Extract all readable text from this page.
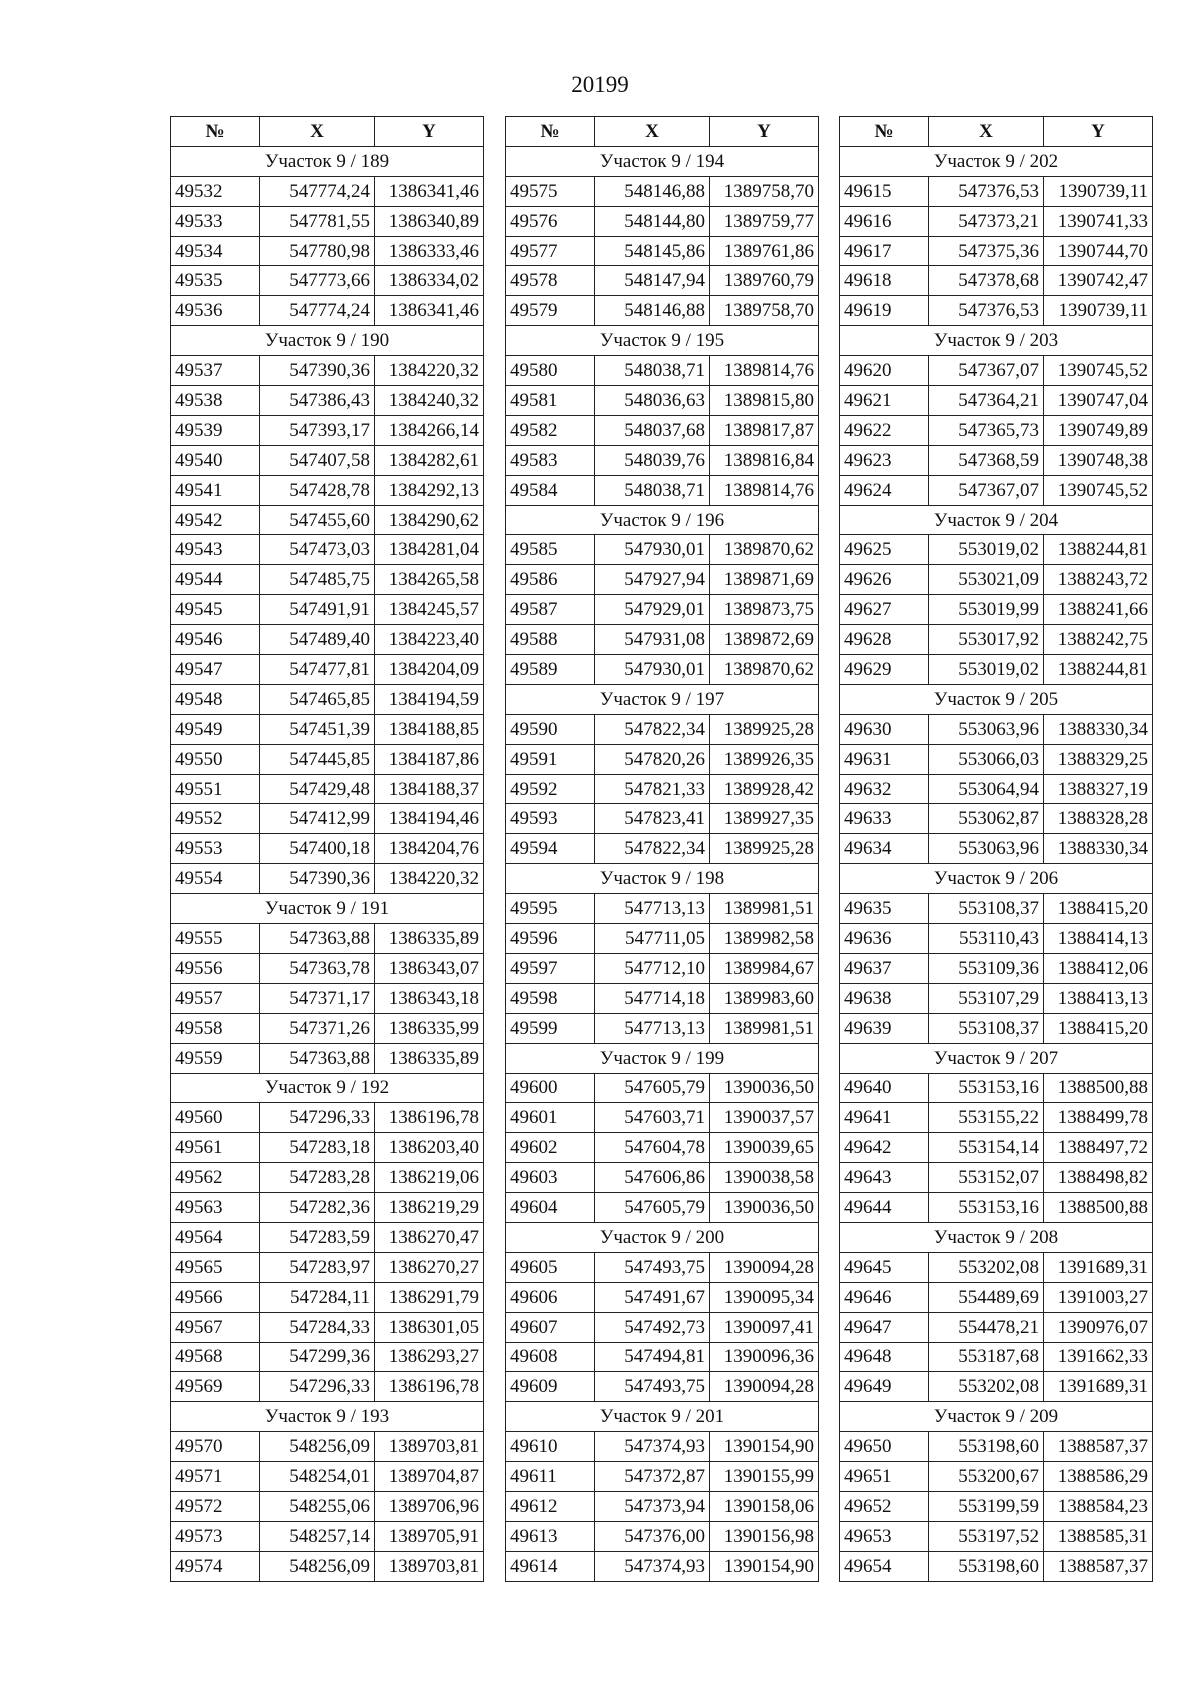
20199
№	X	Y
Участок 9 / 189		
49532	547774,24	1386341,46
49533	547781,55	1386340,89
49534	547780,98	1386333,46
49535	547773,66	1386334,02
49536	547774,24	1386341,46
Участок 9 / 190		
49537	547390,36	1384220,32
49538	547386,43	1384240,32
49539	547393,17	1384266,14
49540	547407,58	1384282,61
49541	547428,78	1384292,13
49542	547455,60	1384290,62
49543	547473,03	1384281,04
49544	547485,75	1384265,58
49545	547491,91	1384245,57
49546	547489,40	1384223,40
49547	547477,81	1384204,09
49548	547465,85	1384194,59
49549	547451,39	1384188,85
49550	547445,85	1384187,86
49551	547429,48	1384188,37
49552	547412,99	1384194,46
49553	547400,18	1384204,76
49554	547390,36	1384220,32
Участок 9 / 191		
49555	547363,88	1386335,89
49556	547363,78	1386343,07
49557	547371,17	1386343,18
49558	547371,26	1386335,99
49559	547363,88	1386335,89
Участок 9 / 192		
49560	547296,33	1386196,78
49561	547283,18	1386203,40
49562	547283,28	1386219,06
49563	547282,36	1386219,29
49564	547283,59	1386270,47
49565	547283,97	1386270,27
49566	547284,11	1386291,79
49567	547284,33	1386301,05
49568	547299,36	1386293,27
49569	547296,33	1386196,78
Участок 9 / 193		
49570	548256,09	1389703,81
49571	548254,01	1389704,87
49572	548255,06	1389706,96
49573	548257,14	1389705,91
49574	548256,09	1389703,81
№	X	Y
Участок 9 / 194		
49575	548146,88	1389758,70
49576	548144,80	1389759,77
49577	548145,86	1389761,86
49578	548147,94	1389760,79
49579	548146,88	1389758,70
Участок 9 / 195		
49580	548038,71	1389814,76
49581	548036,63	1389815,80
49582	548037,68	1389817,87
49583	548039,76	1389816,84
49584	548038,71	1389814,76
Участок 9 / 196		
49585	547930,01	1389870,62
49586	547927,94	1389871,69
49587	547929,01	1389873,75
49588	547931,08	1389872,69
49589	547930,01	1389870,62
Участок 9 / 197		
49590	547822,34	1389925,28
49591	547820,26	1389926,35
49592	547821,33	1389928,42
49593	547823,41	1389927,35
49594	547822,34	1389925,28
Участок 9 / 198		
49595	547713,13	1389981,51
49596	547711,05	1389982,58
49597	547712,10	1389984,67
49598	547714,18	1389983,60
49599	547713,13	1389981,51
Участок 9 / 199		
49600	547605,79	1390036,50
49601	547603,71	1390037,57
49602	547604,78	1390039,65
49603	547606,86	1390038,58
49604	547605,79	1390036,50
Участок 9 / 200		
49605	547493,75	1390094,28
49606	547491,67	1390095,34
49607	547492,73	1390097,41
49608	547494,81	1390096,36
49609	547493,75	1390094,28
Участок 9 / 201		
49610	547374,93	1390154,90
49611	547372,87	1390155,99
49612	547373,94	1390158,06
49613	547376,00	1390156,98
49614	547374,93	1390154,90
№	X	Y
Участок 9 / 202		
49615	547376,53	1390739,11
49616	547373,21	1390741,33
49617	547375,36	1390744,70
49618	547378,68	1390742,47
49619	547376,53	1390739,11
Участок 9 / 203		
49620	547367,07	1390745,52
49621	547364,21	1390747,04
49622	547365,73	1390749,89
49623	547368,59	1390748,38
49624	547367,07	1390745,52
Участок 9 / 204		
49625	553019,02	1388244,81
49626	553021,09	1388243,72
49627	553019,99	1388241,66
49628	553017,92	1388242,75
49629	553019,02	1388244,81
Участок 9 / 205		
49630	553063,96	1388330,34
49631	553066,03	1388329,25
49632	553064,94	1388327,19
49633	553062,87	1388328,28
49634	553063,96	1388330,34
Участок 9 / 206		
49635	553108,37	1388415,20
49636	553110,43	1388414,13
49637	553109,36	1388412,06
49638	553107,29	1388413,13
49639	553108,37	1388415,20
Участок 9 / 207		
49640	553153,16	1388500,88
49641	553155,22	1388499,78
49642	553154,14	1388497,72
49643	553152,07	1388498,82
49644	553153,16	1388500,88
Участок 9 / 208		
49645	553202,08	1391689,31
49646	554489,69	1391003,27
49647	554478,21	1390976,07
49648	553187,68	1391662,33
49649	553202,08	1391689,31
Участок 9 / 209		
49650	553198,60	1388587,37
49651	553200,67	1388586,29
49652	553199,59	1388584,23
49653	553197,52	1388585,31
49654	553198,60	1388587,37
